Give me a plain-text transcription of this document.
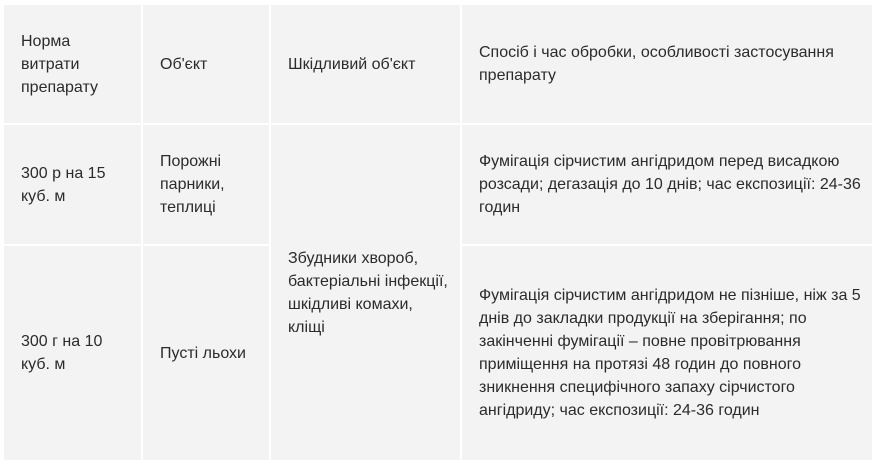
Норма витрати препарату	Об'єкт	Шкідливий об'єкт	Спосіб і час обробки, особливості застосування препарату
300 р на 15 куб. м	Порожні парники, теплиці	Збудники хвороб, бактеріальні інфекції, шкідливі комахи, кліщі	Фумігація сірчистим ангідридом перед висадкою розсади; дегазація до 10 днів; час експозиції: 24-36 годин
300 г на 10 куб. м	Пусті льохи		Фумігація сірчистим ангідридом не пізніше, ніж за 5 днів до закладки продукції на зберігання; по закінченні фумігації – повне провітрювання приміщення на протязі 48 годин до повного зникнення специфічного запаху сірчистого ангідриду; час експозиції: 24-36 годин
